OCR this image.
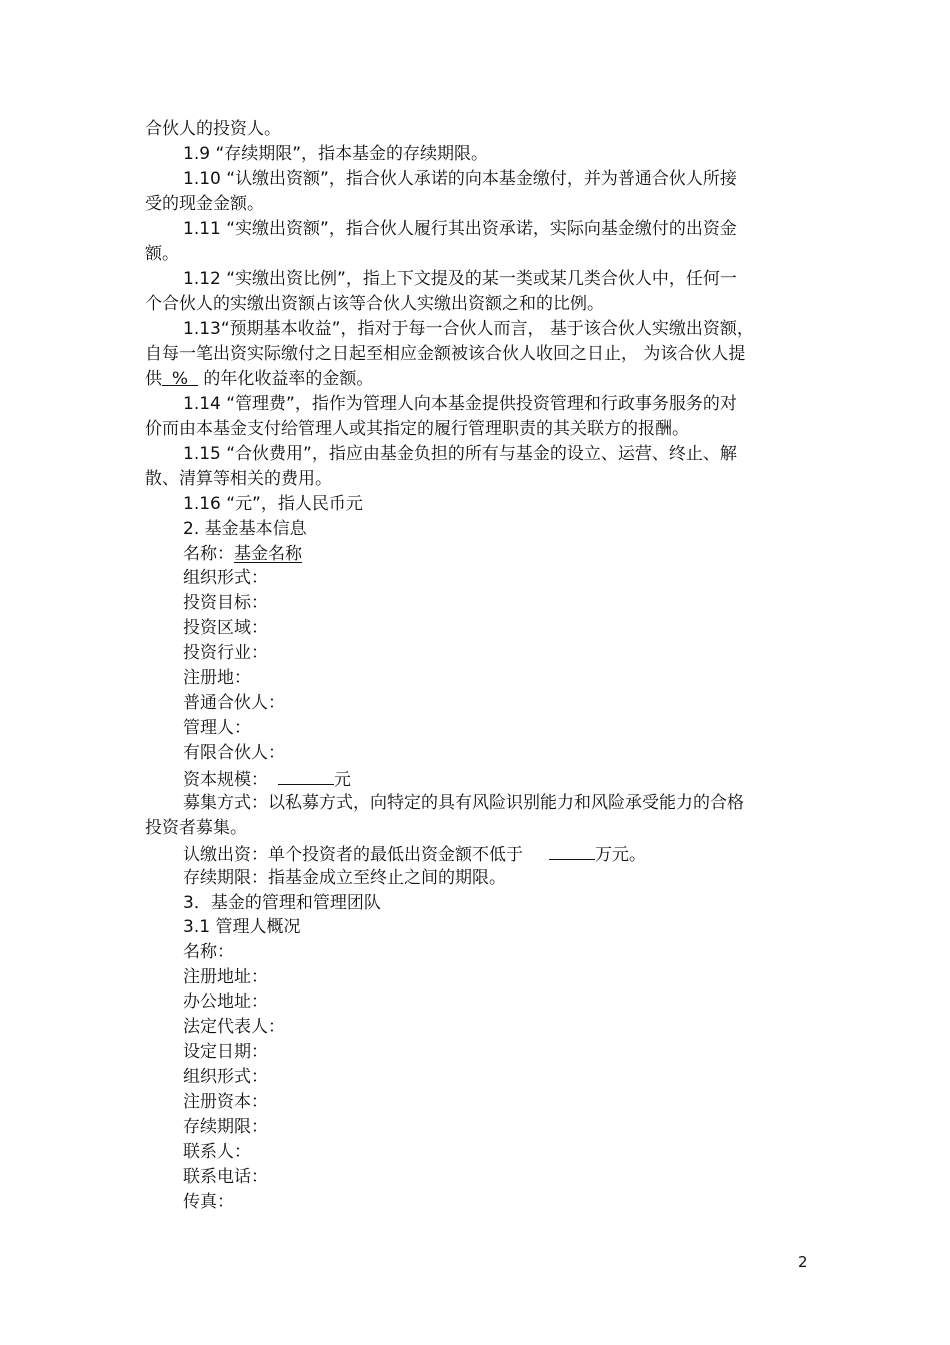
合伙人的投资人。
1.9 “存续期限”，指本基金的存续期限。
1.10 “认缴出资额”，指合伙人承诺的向本基金缴付，并为普通合伙人所接
受的现金金额。
1.11 “实缴出资额”，指合伙人履行其出资承诺，实际向基金缴付的出资金
额。
1.12 “实缴出资比例”，指上下文提及的某一类或某几类合伙人中，任何一
个合伙人的实缴出资额占该等合伙人实缴出资额之和的比例。
1.13“预期基本收益”，指对于每一合伙人而言， 基于该合伙人实缴出资额，
自每一笔出资实际缴付之日起至相应金额被该合伙人收回之日止， 为该合伙人提
供 % 的年化收益率的金额。
1.14 “管理费”，指作为管理人向本基金提供投资管理和行政事务服务的对
价而由本基金支付给管理人或其指定的履行管理职责的其关联方的报酬。
1.15 “合伙费用”，指应由基金负担的所有与基金的设立、运营、终止、解
散、清算等相关的费用。
1.16 “元”，指人民币元
2. 基金基本信息
名称：基金名称
组织形式：
投资目标：
投资区域：
投资行业：
注册地：
普通合伙人：
管理人：
有限合伙人：
资本规模：	元
募集方式：以私募方式，向特定的具有风险识别能力和风险承受能力的合格
投资者募集。
认缴出资：单个投资者的最低出资金额不低于	万元。
存续期限：指基金成立至终止之间的期限。
3．基金的管理和管理团队
3.1 管理人概况
名称：
注册地址：
办公地址：
法定代表人：
设定日期：
组织形式：
注册资本：
存续期限：
联系人：
联系电话：
传真：
2
